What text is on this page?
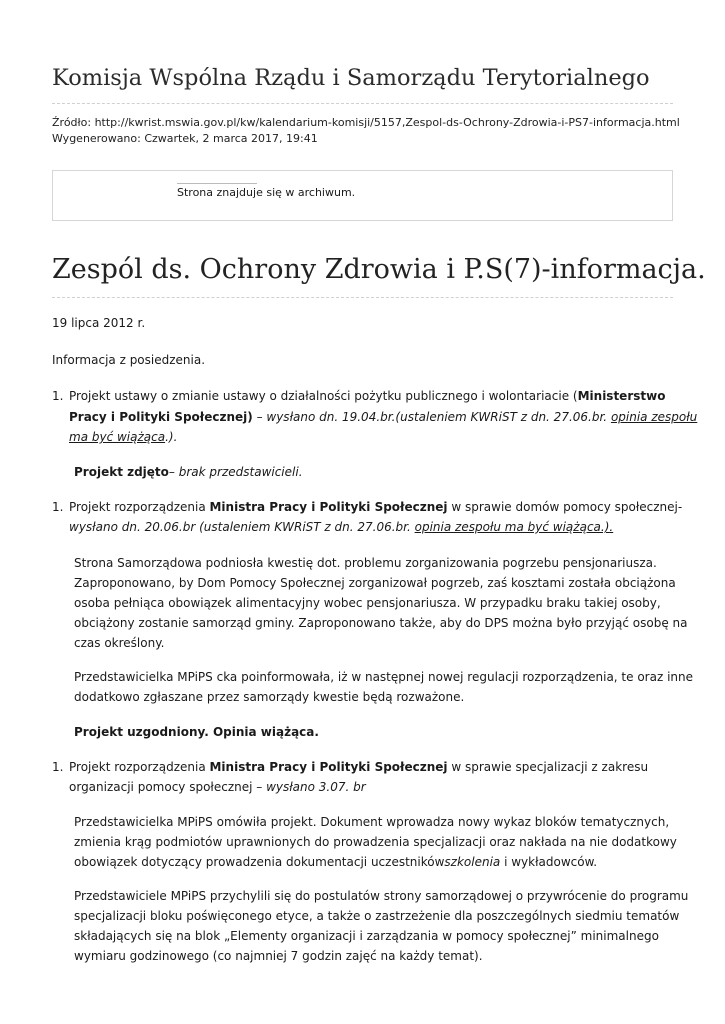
Komisja Wspólna Rządu i Samorządu Terytorialnego
Źródło: http://kwrist.mswia.gov.pl/kw/kalendarium-komisji/5157,Zespol-ds-Ochrony-Zdrowia-i-PS7-informacja.html
Wygenerowano: Czwartek, 2 marca 2017, 19:41
Strona znajduje się w archiwum.
Zespól ds. Ochrony Zdrowia i P.S(7)-informacja.
19 lipca 2012 r.
Informacja z posiedzenia.
1. Projekt ustawy o zmianie ustawy o działalności pożytku publicznego i wolontariacie (Ministerstwo
Pracy i Polityki Społecznej) – wysłano dn. 19.04.br.(ustaleniem KWRiST z dn. 27.06.br. opinia zespołu
ma być wiążąca.).
Projekt zdjęto– brak przedstawicieli.
1. Projekt rozporządzenia Ministra Pracy i Polityki Społecznej w sprawie domów pomocy społecznej-
wysłano dn. 20.06.br (ustaleniem KWRiST z dn. 27.06.br. opinia zespołu ma być wiążąca.).
Strona Samorządowa podniosła kwestię dot. problemu zorganizowania pogrzebu pensjonariusza.
Zaproponowano, by Dom Pomocy Społecznej zorganizował pogrzeb, zaś kosztami została obciążona
osoba pełniąca obowiązek alimentacyjny wobec pensjonariusza. W przypadku braku takiej osoby,
obciążony zostanie samorząd gminy. Zaproponowano także, aby do DPS można było przyjąć osobę na
czas określony.
Przedstawicielka MPiPS cka poinformowała, iż w następnej nowej regulacji rozporządzenia, te oraz inne
dodatkowo zgłaszane przez samorządy kwestie będą rozważone.
Projekt uzgodniony. Opinia wiążąca.
1. Projekt rozporządzenia Ministra Pracy i Polityki Społecznej w sprawie specjalizacji z zakresu
organizacji pomocy społecznej – wysłano 3.07. br
Przedstawicielka MPiPS omówiła projekt. Dokument wprowadza nowy wykaz bloków tematycznych,
zmienia krąg podmiotów uprawnionych do prowadzenia specjalizacji oraz nakłada na nie dodatkowy
obowiązek dotyczący prowadzenia dokumentacji uczestnikówszkolenia i wykładowców.
Przedstawiciele MPiPS przychylili się do postulatów strony samorządowej o przywrócenie do programu
specjalizacji bloku poświęconego etyce, a także o zastrzeżenie dla poszczególnych siedmiu tematów
składających się na blok „Elementy organizacji i zarządzania w pomocy społecznej” minimalnego
wymiaru godzinowego (co najmniej 7 godzin zajęć na każdy temat).
